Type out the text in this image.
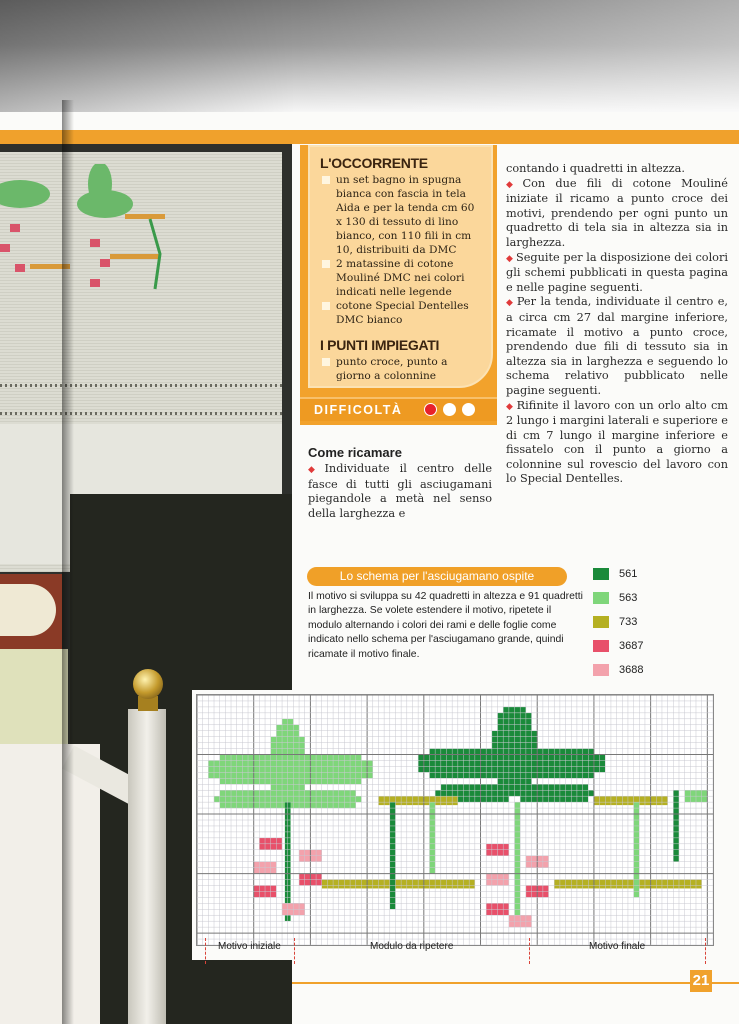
L'OCCORRENTE
un set bagno in spugna bianca con fascia in tela Aida e per la tenda cm 60 x 130 di tessuto di lino bianco, con 110 fili in cm 10, distribuiti da DMC
2 matassine di cotone Mouliné DMC nei colori indicati nelle legende
cotone Special Dentelles DMC bianco
I PUNTI IMPIEGATI
punto croce, punto a giorno a colonnine
DIFFICOLTÀ
Come ricamare
◆ Individuate il centro delle fasce di tutti gli asciugamani piegandole a metà nel senso della larghezza e
contando i quadretti in altezza.
◆ Con due fili di cotone Mouliné iniziate il ricamo a punto croce dei motivi, prendendo per ogni punto un quadretto di tela sia in altezza sia in larghezza.
◆ Seguite per la disposizione dei colori gli schemi pubblicati in questa pagina e nelle pagine seguenti.
◆ Per la tenda, individuate il centro e, a circa cm 27 dal margine inferiore, ricamate il motivo a punto croce, prendendo due fili di tessuto sia in altezza sia in larghezza e seguendo lo schema relativo pubblicato nelle pagine seguenti.
◆ Rifinite il lavoro con un orlo alto cm 2 lungo i margini laterali e superiore e di cm 7 lungo il margine inferiore e fissatelo con il punto a giorno a colonnine sul rovescio del lavoro con lo Special Dentelles.
Lo schema per l'asciugamano ospite
Il motivo si sviluppa su 42 quadretti in altezza e 91 quadretti in larghezza. Se volete estendere il motivo, ripetete il modulo alternando i colori dei rami e delle foglie come indicato nello schema per l'asciugamano grande, quindi ricamate il motivo finale.
561
563
733
3687
3688
Motivo iniziale	Modulo da ripetere	Motivo finale
21
